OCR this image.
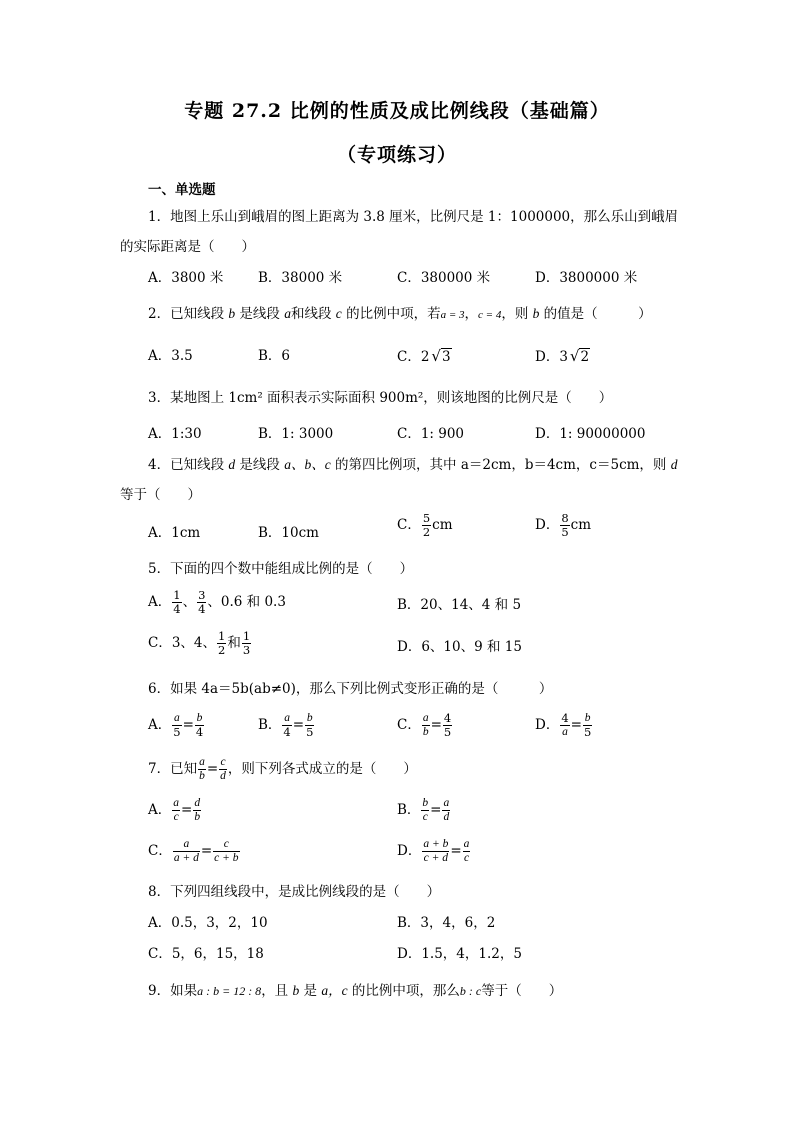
专题 27.2 比例的性质及成比例线段（基础篇）
（专项练习）
一、单选题
1．地图上乐山到峨眉的图上距离为 3.8 厘米，比例尺是 1：1000000，那么乐山到峨眉
的实际距离是（　　）
A．3800 米	B．38000 米	C．380000 米	D．3800000 米
2．已知线段 b 是线段 a和线段 c 的比例中项，若a = 3，c = 4，则 b 的值是（　　　）
A．3.5	B．6	C．2 √3	D．3 √2
3．某地图上 1cm² 面积表示实际面积 900m²，则该地图的比例尺是（　　）
A．1:30	B．1: 3000	C．1: 900	D．1: 90000000
4．已知线段 d 是线段 a、b、c 的第四比例项，其中 a＝2cm，b＝4cm，c＝5cm，则 d
等于（　　）
A．1cm	B．10cm	C． $\frac{5}{2}$ cm	D． $\frac{8}{5}$ cm
5．下面的四个数中能组成比例的是（　　）
A． $\frac{1}{4}$ 、 $\frac{3}{4}$ 、0.6 和 0.3	B．20、14、4 和 5
C．3、4、 $\frac{1}{2}$ 和 $\frac{1}{3}$	D．6、10、9 和 15
6．如果 4a＝5b(ab≠0)，那么下列比例式变形正确的是（　　　）
A． $\frac{a}{5} = \frac{b}{4}$	B． $\frac{a}{4} = \frac{b}{5}$	C． $\frac{a}{b} = \frac{4}{5}$	D． $\frac{4}{a} = \frac{b}{5}$
7．已知 $\frac{a}{b} = \frac{c}{d}$ ，则下列各式成立的是（　　）
A． $\frac{a}{c} = \frac{d}{b}$	B． $\frac{b}{c} = \frac{a}{d}$
C． $\frac{a}{a + d} = \frac{c}{c + b}$	D． $\frac{a + b}{c + d} = \frac{a}{c}$
8．下列四组线段中，是成比例线段的是（　　）
A．0.5，3，2，10	B．3，4，6，2
C．5，6，15，18	D．1.5，4，1.2，5
9．如果a : b = 12 : 8，且 b 是 a，c 的比例中项，那么b : c等于（　　）
